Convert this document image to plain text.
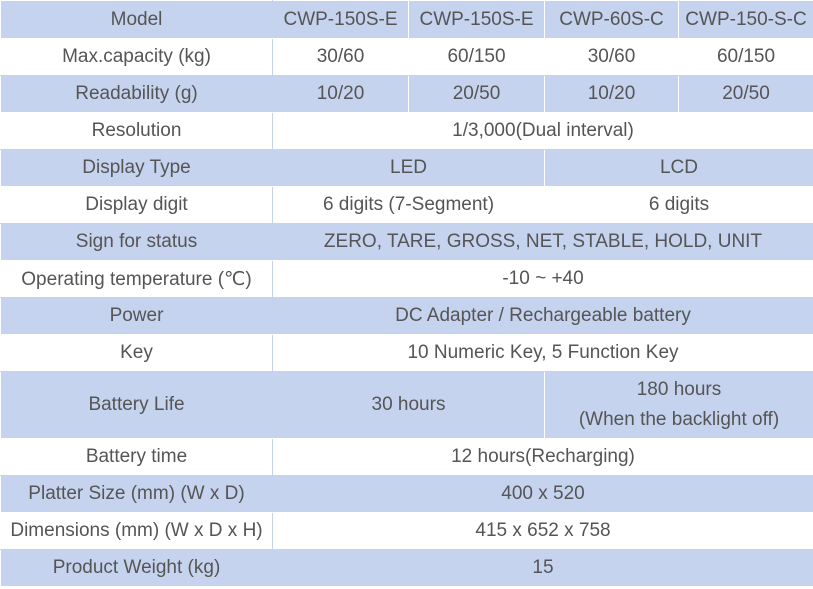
Model	CWP-150S-E	CWP-150S-E	CWP-60S-C	CWP-150-S-C
Max.capacity (kg)	30/60	60/150	30/60	60/150
Readability (g)	10/20	20/50	10/20	20/50
Resolution	1/3,000(Dual interval)			
Display Type	LED		LCD	
Display digit	6 digits (7-Segment)		6 digits	
Sign for status	ZERO, TARE, GROSS, NET, STABLE, HOLD, UNIT			
Operating temperature (℃)	-10 ~ +40			
Power	DC Adapter / Rechargeable battery			
Key	10 Numeric Key, 5 Function Key			
Battery Life	30 hours		180 hours
(When the backlight off)	

Battery time	12 hours(Recharging)			
Platter Size (mm) (W x D)	400 x 520			
Dimensions (mm) (W x D x H)	415 x 652 x 758			
Product Weight (kg)	15			
